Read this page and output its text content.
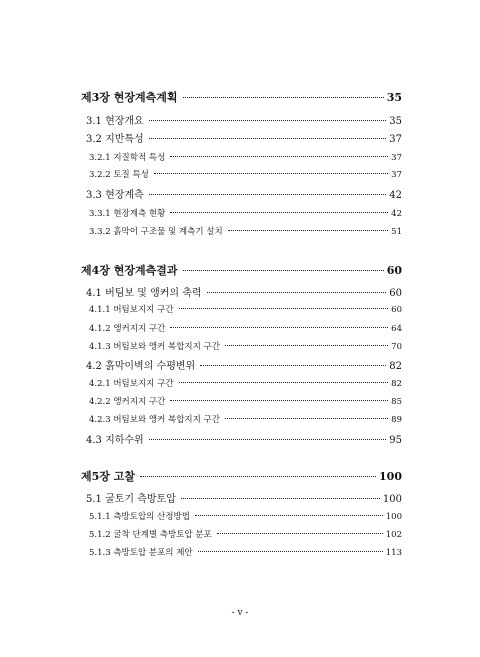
제3장 현장계측계획	35
3.1 현장개요	35
3.2 지반특성	37
3.2.1 지질학적 특성	37
3.2.2 토질 특성	37
3.3 현장계측	42
3.3.1 현장계측 현황	42
3.3.2 흙막이 구조물 및 계측기 설치	51
제4장 현장계측결과	60
4.1 버팀보 및 앵커의 축력	60
4.1.1 버팀보지지 구간	60
4.1.2 앵커지지 구간	64
4.1.3 버팀보와 앵커 복합지지 구간	70
4.2 흙막이벽의 수평변위	82
4.2.1 버팀보지지 구간	82
4.2.2 앵커지지 구간	85
4.2.3 버팀보와 앵커 복합지지 구간	89
4.3 지하수위	95
제5장 고찰	100
5.1 굴토기 측방토압	100
5.1.1 측방토압의 산정방법	100
5.1.2 굴착 단계별 측방토압 분포	102
5.1.3 측방토압 분포의 제안	113
- v -
